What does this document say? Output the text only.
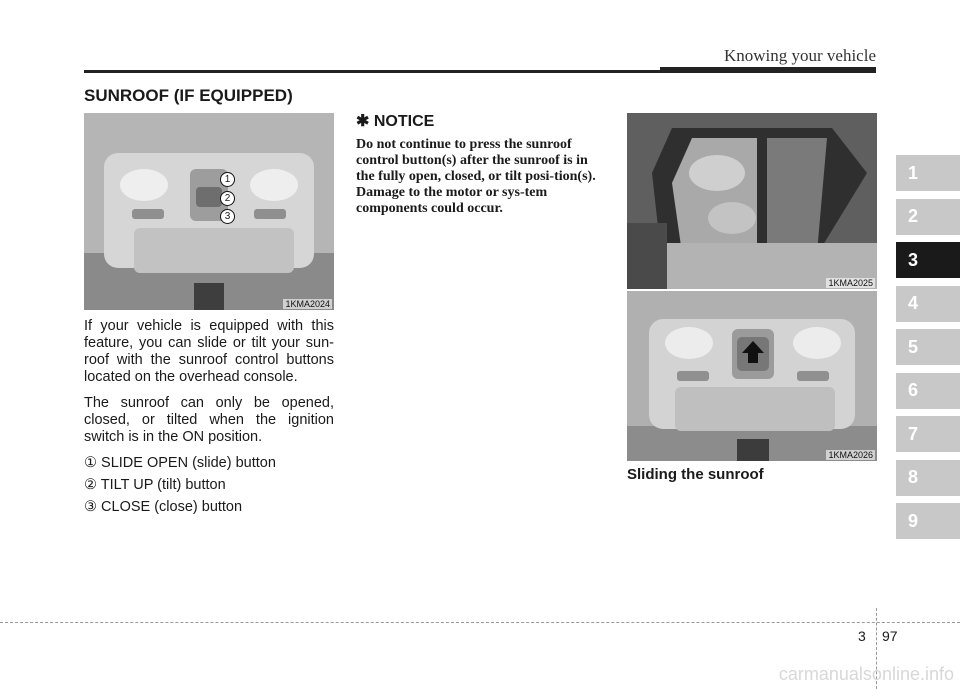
Knowing your vehicle
SUNROOF (IF EQUIPPED)
1
2
3
1KMA2024

If your vehicle is equipped with this feature, you can slide or tilt your sun-roof with the sunroof control buttons located on the overhead console.

The sunroof can only be opened, closed, or tilted when the ignition switch is in the ON position.

① SLIDE OPEN (slide) button
② TILT UP (tilt) button
③ CLOSE (close) button
✱ NOTICE
Do not continue to press the sunroof control button(s) after the sunroof is in the fully open, closed, or tilt posi-tion(s). Damage to the motor or sys-tem components could occur.
1KMA2025
1KMA2026
Sliding the sunroof
1
2
3
4
5
6
7
8
9
3 97
carmanualsonline.info
